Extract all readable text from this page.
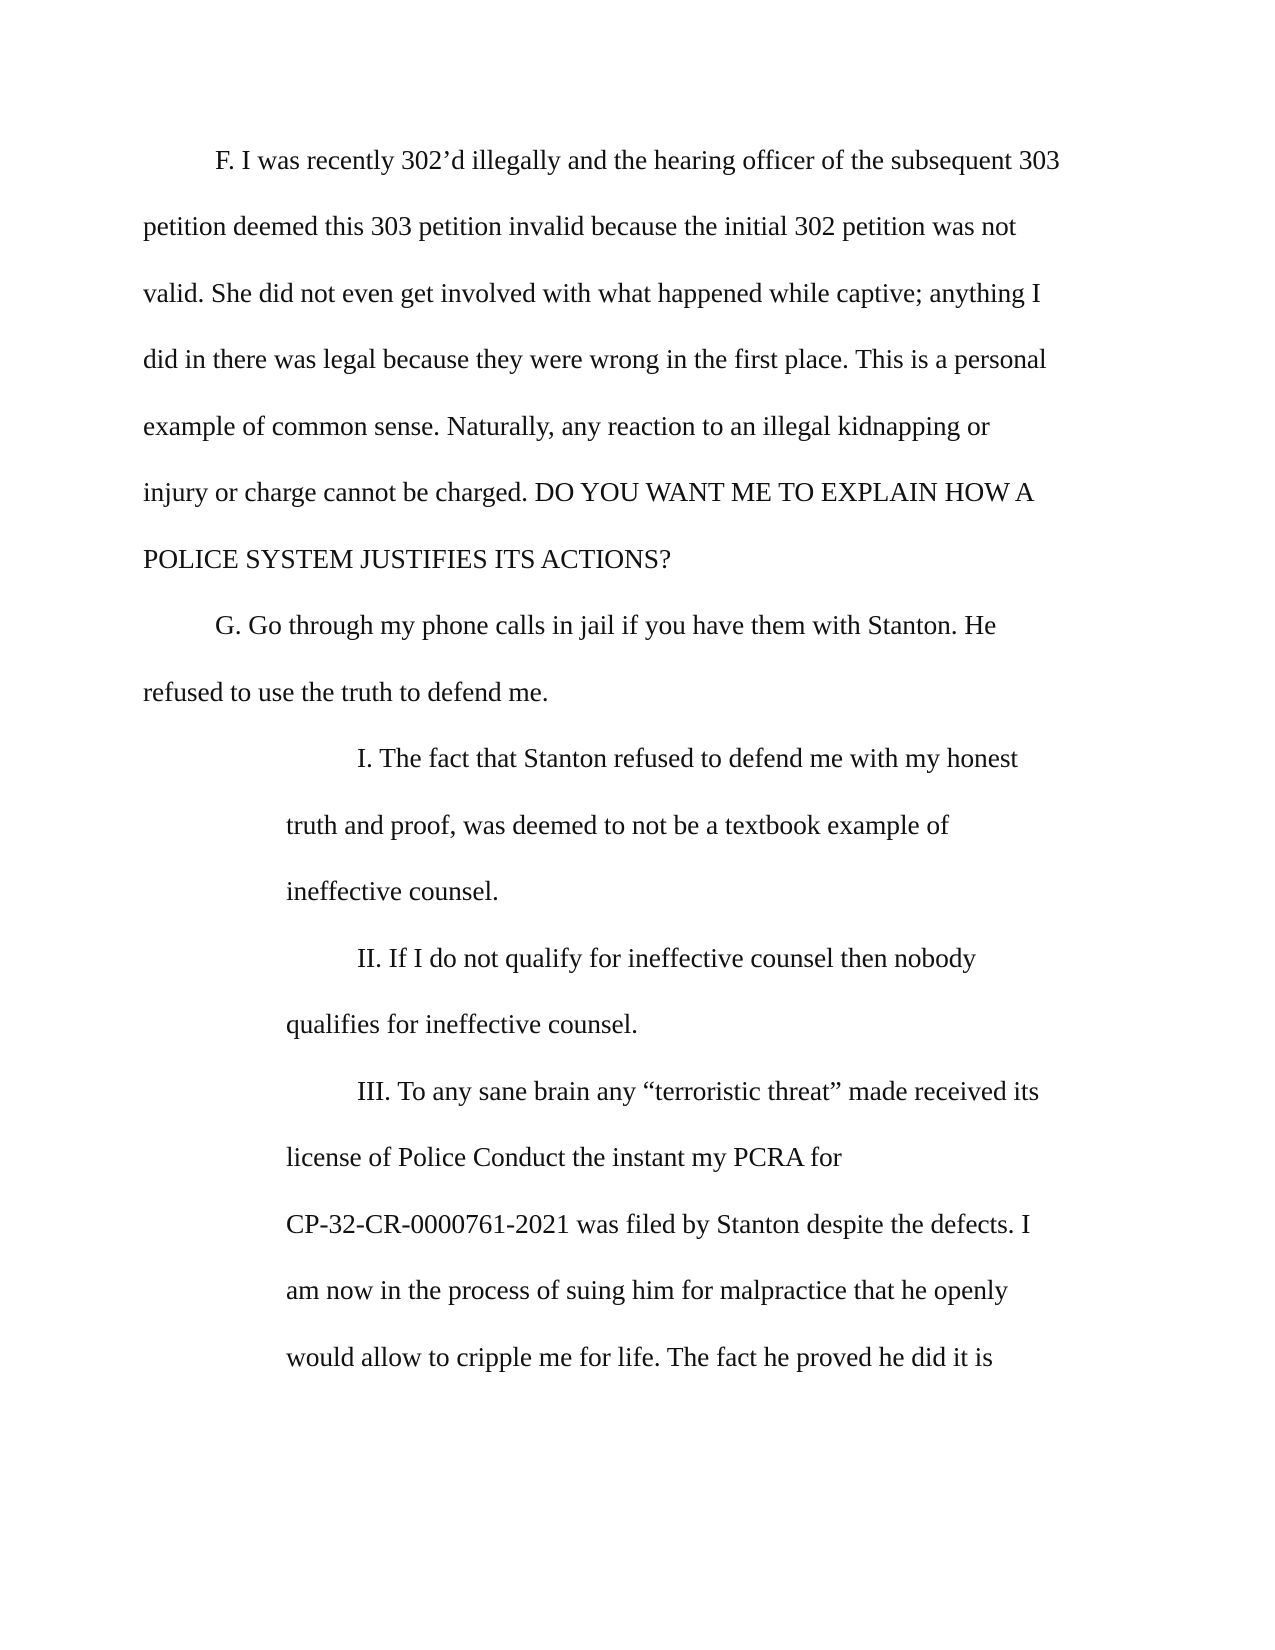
F. I was recently 302’d illegally and the hearing officer of the subsequent 303
petition deemed this 303 petition invalid because the initial 302 petition was not
valid. She did not even get involved with what happened while captive; anything I
did in there was legal because they were wrong in the first place. This is a personal
example of common sense. Naturally, any reaction to an illegal kidnapping or
injury or charge cannot be charged. DO YOU WANT ME TO EXPLAIN HOW A
POLICE SYSTEM JUSTIFIES ITS ACTIONS?
G. Go through my phone calls in jail if you have them with Stanton. He
refused to use the truth to defend me.
I. The fact that Stanton refused to defend me with my honest
truth and proof, was deemed to not be a textbook example of
ineffective counsel.
II. If I do not qualify for ineffective counsel then nobody
qualifies for ineffective counsel.
III. To any sane brain any “terroristic threat” made received its
license of Police Conduct the instant my PCRA for
CP-32-CR-0000761-2021 was filed by Stanton despite the defects. I
am now in the process of suing him for malpractice that he openly
would allow to cripple me for life. The fact he proved he did it is
